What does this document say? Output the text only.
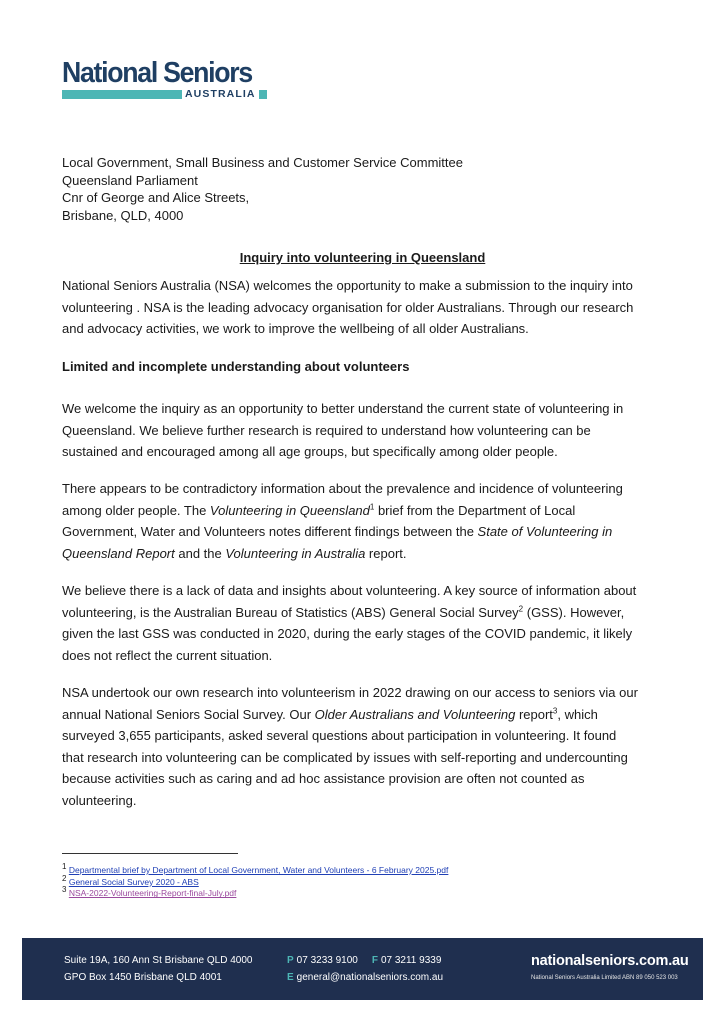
National Seniors
AUSTRALIA

Local Government, Small Business and Customer Service Committee

Queensland Parliament

Cnr of George and Alice Streets,

Brisbane, QLD, 4000

Inquiry into volunteering in Queensland

National Seniors Australia (NSA) welcomes the opportunity to make a submission to the inquiry into

volunteering . NSA is the leading advocacy organisation for older Australians. Through our research

and advocacy activities, we work to improve the wellbeing of all older Australians.

Limited and incomplete understanding about volunteers

We welcome the inquiry as an opportunity to better understand the current state of volunteering in

Queensland. We believe further research is required to understand how volunteering can be

sustained and encouraged among all age groups, but specifically among older people.

There appears to be contradictory information about the prevalence and incidence of volunteering

among older people. The Volunteering in Queensland$^1$ brief from the Department of Local

Government, Water and Volunteers notes different findings between the State of Volunteering in

Queensland Report and the Volunteering in Australia report.

We believe there is a lack of data and insights about volunteering. A key source of information about

volunteering, is the Australian Bureau of Statistics (ABS) General Social Survey$^2$ (GSS). However,

given the last GSS was conducted in 2020, during the early stages of the COVID pandemic, it likely

does not reflect the current situation.

NSA undertook our own research into volunteerism in 2022 drawing on our access to seniors via our

annual National Seniors Social Survey. Our Older Australians and Volunteering report$^3$, which

surveyed 3,655 participants, asked several questions about participation in volunteering. It found

that research into volunteering can be complicated by issues with self-reporting and undercounting

because activities such as caring and ad hoc assistance provision are often not counted as

volunteering.

$^1$ Departmental brief by Department of Local Government, Water and Volunteers - 6 February 2025.pdf
$^2$ General Social Survey 2020 - ABS
$^3$ NSA-2022-Volunteering-Report-final-July.pdf
Suite 19A, 160 Ann St Brisbane QLD 4000
GPO Box 1450 Brisbane QLD 4001
P 07 3233 9100 F 07 3211 9339
E general@nationalseniors.com.au
nationalseniors.com.au
National Seniors Australia Limited ABN 89 050 523 003
